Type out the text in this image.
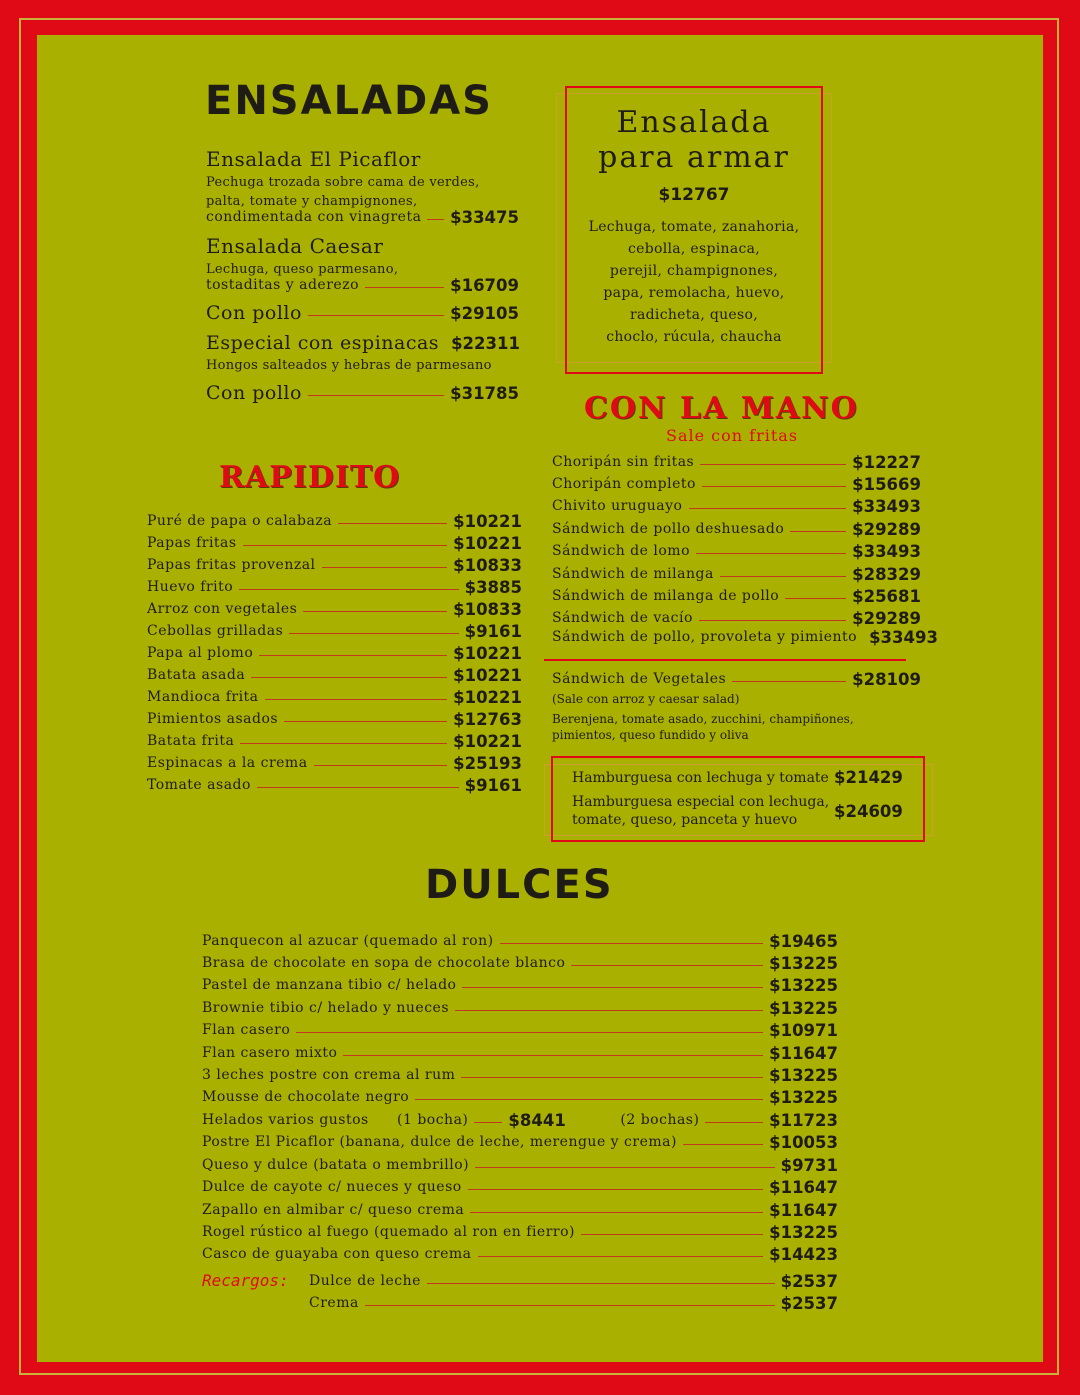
ENSALADAS
Ensalada El Picaflor
Pechuga trozada sobre cama de verdes,
palta, tomate y champignones,
condimentada con vinagreta $33475
Ensalada Caesar
Lechuga, queso parmesano,
tostaditas y aderezo	$16709
Con pollo	$29105
Especial con espinacas $22311
Hongos salteados y hebras de parmesano
Con pollo	$31785
Ensalada
para armar
$12767
Lechuga, tomate, zanahoria,
cebolla, espinaca,
perejil, champignones,
papa, remolacha, huevo,
radicheta, queso,
choclo, rúcula, chaucha
RAPIDITO
Puré de papa o calabaza	$10221
Papas fritas	$10221
Papas fritas provenzal	$10833
Huevo frito	$3885
Arroz con vegetales	$10833
Cebollas grilladas	$9161
Papa al plomo	$10221
Batata asada	$10221
Mandioca frita	$10221
Pimientos asados	$12763
Batata frita	$10221
Espinacas a la crema	$25193
Tomate asado	$9161
CON LA MANO
Sale con fritas
Choripán sin fritas	$12227
Choripán completo	$15669
Chivito uruguayo	$33493
Sándwich de pollo deshuesado	$29289
Sándwich de lomo	$33493
Sándwich de milanga	$28329
Sándwich de milanga de pollo	$25681
Sándwich de vacío	$29289
Sándwich de pollo, provoleta y pimiento $33493
Sándwich de Vegetales	$28109
(Sale con arroz y caesar salad)
Berenjena, tomate asado, zucchini, champiñones,
pimientos, queso fundido y oliva
Hamburguesa con lechuga y tomate $21429
Hamburguesa especial con lechuga,
tomate, queso, panceta y huevo $24609
DULCES
Panquecon al azucar (quemado al ron)	$19465
Brasa de chocolate en sopa de chocolate blanco	$13225
Pastel de manzana tibio c/ helado	$13225
Brownie tibio c/ helado y nueces	$13225
Flan casero	$10971
Flan casero mixto	$11647
3 leches postre con crema al rum	$13225
Mousse de chocolate negro	$13225
Helados varios gustos	(1 bocha) $8441	(2 bochas)	$11723
Postre El Picaflor (banana, dulce de leche, merengue y crema)	$10053
Queso y dulce (batata o membrillo)	$9731
Dulce de cayote c/ nueces y queso	$11647
Zapallo en almibar c/ queso crema	$11647
Rogel rústico al fuego (quemado al ron en fierro)	$13225
Casco de guayaba con queso crema	$14423
Recargos: Dulce de leche	$2537
Crema	$2537
